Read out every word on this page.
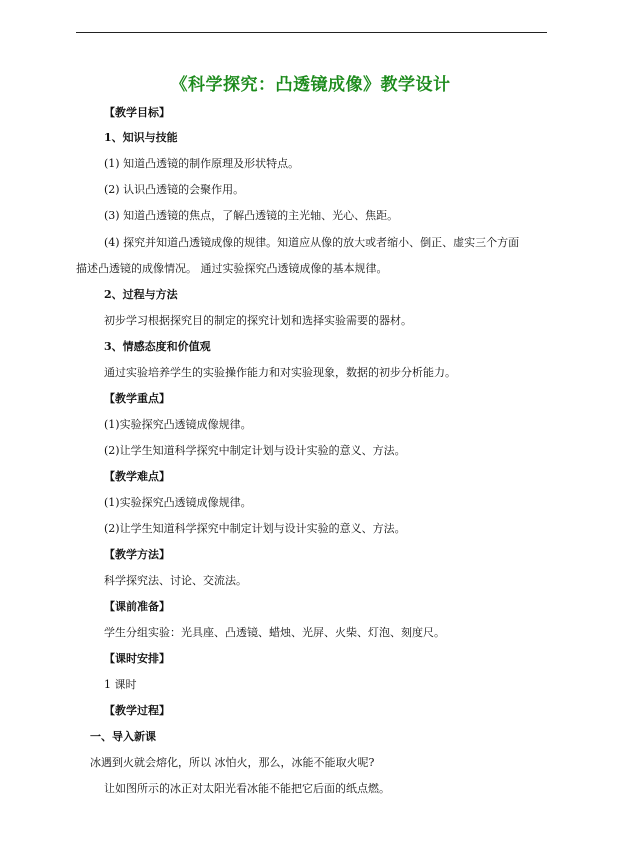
《科学探究：凸透镜成像》教学设计
【教学目标】
1、知识与技能
(1) 知道凸透镜的制作原理及形状特点。
(2) 认识凸透镜的会聚作用。
(3) 知道凸透镜的焦点，了解凸透镜的主光轴、光心、焦距。
(4) 探究并知道凸透镜成像的规律。知道应从像的放大或者缩小、倒正、虚实三个方面
描述凸透镜的成像情况。 通过实验探究凸透镜成像的基本规律。
2、过程与方法
初步学习根据探究目的制定的探究计划和选择实验需要的器材。
3、情感态度和价值观
通过实验培养学生的实验操作能力和对实验现象，数据的初步分析能力。
【教学重点】
(1)实验探究凸透镜成像规律。
(2)让学生知道科学探究中制定计划与设计实验的意义、方法。
【教学难点】
(1)实验探究凸透镜成像规律。
(2)让学生知道科学探究中制定计划与设计实验的意义、方法。
【教学方法】
科学探究法、讨论、交流法。
【课前准备】
学生分组实验：光具座、凸透镜、蜡烛、光屏、火柴、灯泡、刻度尺。
【课时安排】
1 课时
【教学过程】
一、导入新课
冰遇到火就会熔化，所以 冰怕火，那么，冰能不能取火呢?
让如图所示的冰正对太阳光看冰能不能把它后面的纸点燃。
